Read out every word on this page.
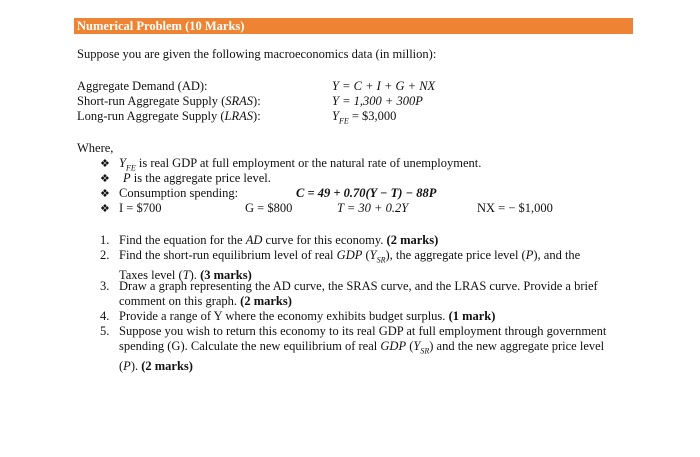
Numerical Problem (10 Marks)
Suppose you are given the following macroeconomics data (in million):
Aggregate Demand (AD):	Y = C + I + G + NX
Short-run Aggregate Supply (SRAS):	Y = 1,300 + 300P
Long-run Aggregate Supply (LRAS):	$Y_{FE}$ = $3,000
Where,
❖ $Y_{FE}$ is real GDP at full employment or the natural rate of unemployment.
❖ P is the aggregate price level.
❖ Consumption spending:	C = 49 + 0.70(Y − T) − 88P
❖ I = $700	G = $800	T = 30 + 0.2Y	NX = − $1,000
1. Find the equation for the AD curve for this economy. (2 marks)
2. Find the short-run equilibrium level of real GDP $(Y_{SR})$, the aggregate price level (P), and the
Taxes level (T). (3 marks)
3. Draw a graph representing the AD curve, the SRAS curve, and the LRAS curve. Provide a brief
comment on this graph. (2 marks)
4. Provide a range of Y where the economy exhibits budget surplus. (1 mark)
5. Suppose you wish to return this economy to its real GDP at full employment through government
spending (G). Calculate the new equilibrium of real GDP $(Y_{SR})$ and the new aggregate price level
(P). (2 marks)
